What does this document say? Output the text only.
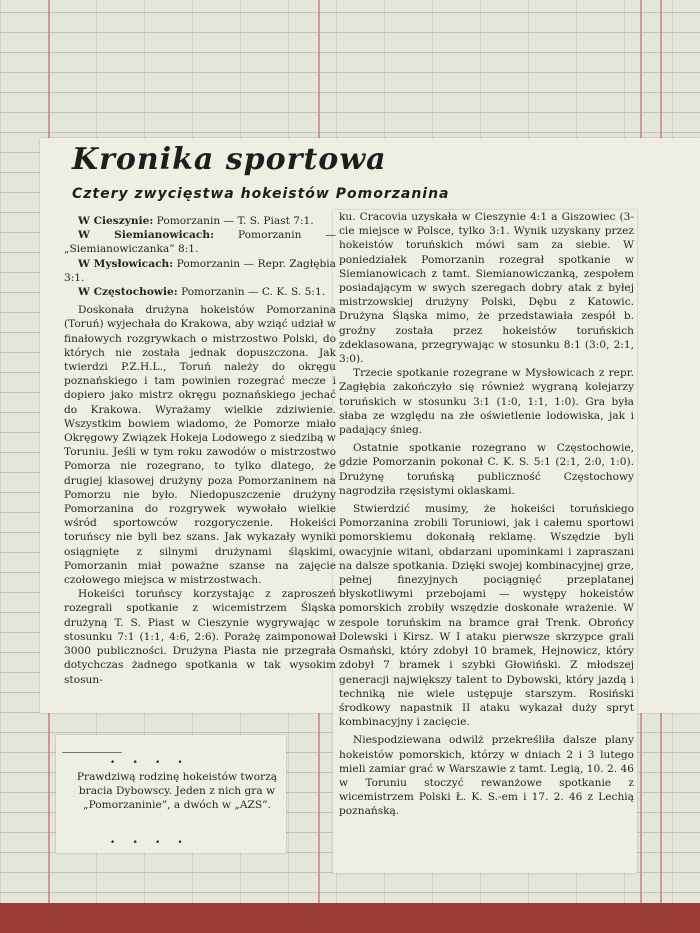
Kronika sportowa
Cztery zwycięstwa hokeistów Pomorzanina

W Cieszynie: Pomorzanin — T. S. Piast 7:1.

W Siemianowicach: Pomorzanin — „Siemianowiczanka” 8:1.

W Mysłowicach: Pomorzanin — Repr. Zagłębia 3:1.

W Częstochowie: Pomorzanin — C. K. S. 5:1.

Doskonała drużyna hokeistów Pomorzanina (Toruń) wyjechała do Krakowa, aby wziąć udział w finałowych rozgrywkach o mistrzostwo Polski, do których nie została jednak dopuszczona. Jak twierdzi P.Z.H.L., Toruń należy do okręgu poznańskiego i tam powinien rozegrać mecze i dopiero jako mistrz okręgu poznańskiego jechać do Krakowa. Wyrażamy wielkie zdziwienie. Wszystkim bowiem wiadomo, że Pomorze miało Okręgowy Związek Hokeja Lodowego z siedzibą w Toruniu. Jeśli w tym roku zawodów o mistrzostwo Pomorza nie rozegrano, to tylko dlatego, że drugiej klasowej drużyny poza Pomorzaninem na Pomorzu nie było. Niedopuszczenie drużyny Pomorzanina do rozgrywek wywołało wielkie wśród sportowców rozgoryczenie. Hokeiści toruńscy nie byli bez szans. Jak wykazały wyniki osiągnięte z silnymi drużynami śląskimi, Pomorzanin miał poważne szanse na zajęcie czołowego miejsca w mistrzostwach.

Hokeiści toruńscy korzystając z zaproszeń rozegrali spotkanie z wicemistrzem Śląska drużyną T. S. Piast w Cieszynie wygrywając w stosunku 7:1 (1:1, 4:6, 2:6). Porażę zaimponował 3000 publiczności. Drużyna Piasta nie przegrała dotychczas żadnego spotkania w tak wysokim stosun-

ku. Cracovia uzyskała w Cieszynie 4:1 a Giszowiec (3-cie miejsce w Polsce, tylko 3:1. Wynik uzyskany przez hokeistów toruńskich mówi sam za siebie. W poniedziałek Pomorzanin rozegrał spotkanie w Siemianowicach z tamt. Siemianowiczanką, zespołem posiadającym w swych szeregach dobry atak z byłej mistrzowskiej drużyny Polski, Dębu z Katowic. Drużyna Śląska mimo, że przedstawiała zespół b. groźny została przez hokeistów toruńskich zdeklasowana, przegrywając w stosunku 8:1 (3:0, 2:1, 3:0).

Trzecie spotkanie rozegrane w Mysłowicach z repr. Zagłębia zakończyło się również wygraną kolejarzy toruńskich w stosunku 3:1 (1:0, 1:1, 1:0). Gra była słaba ze względu na złe oświetlenie lodowiska, jak i padający śnieg.

Ostatnie spotkanie rozegrano w Częstochowie, gdzie Pomorzanin pokonał C. K. S. 5:1 (2:1, 2:0, 1:0). Drużynę toruńską publiczność Częstochowy nagrodziła rzęsistymi oklaskami.

Stwierdzić musimy, że hokeiści toruńskiego Pomorzanina zrobili Toruniowi, jak i całemu sportowi pomorskiemu dokonałą reklamę. Wszędzie byli owacyjnie witani, obdarzani upominkami i zapraszani na dalsze spotkania. Dzięki swojej kombinacyjnej grze, pełnej finezyjnych pociągnięć przeplatanej błyskotliwymi przebojami — występy hokeistów pomorskich zrobiły wszędzie doskonałe wrażenie. W zespole toruńskim na bramce grał Trenk. Obrońcy Dolewski i Kirsz. W I ataku pierwsze skrzypce grali Osmański, który zdobył 10 bramek, Hejnowicz, który zdobył 7 bramek i szybki Głowiński. Z młodszej generacji największy talent to Dybowski, który jazdą i techniką nie wiele ustępuje starszym. Rosiński środkowy napastnik II ataku wykazał duży spryt kombinacyjny i zacięcie.

Niespodziewana odwilż przekreśliła dalsze plany hokeistów pomorskich, którzy w dniach 2 i 3 lutego mieli zamiar grać w Warszawie z tamt. Legią, 10. 2. 46 w Toruniu stoczyć rewanżowe spotkanie z wicemistrzem Polski Ł. K. S.-em i 17. 2. 46 z Lechią poznańską.

•      •      •      •
Prawdziwą rodzinę hokeistów tworzą bracia Dybowscy. Jeden z nich gra w „Pomorzaninie”, a dwóch w „AZS”.
•      •      •      •
